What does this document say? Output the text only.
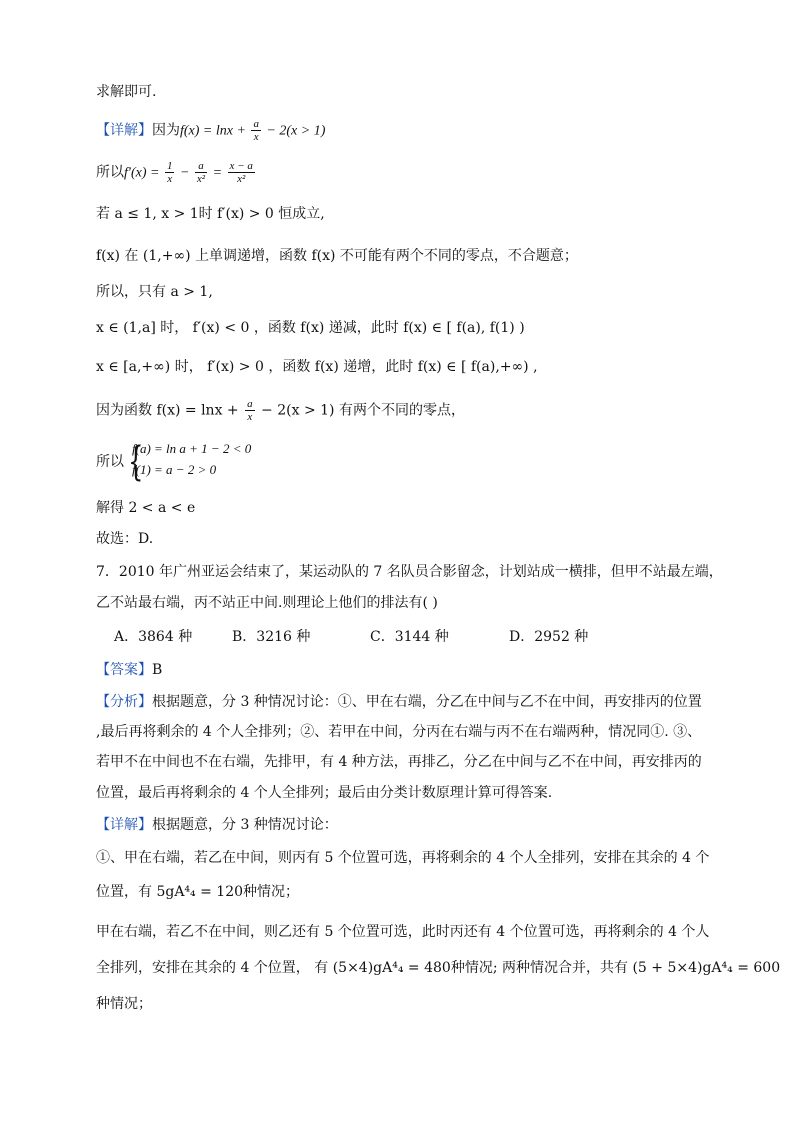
求解即可.
【详解】因为$f(x) = \ln x + \frac{a}{x} - 2(x > 1)$
所以$f'(x) = \frac{1}{x} - \frac{a}{\text{x²}} = \frac{x - a}{\text{x²}}$
若 a ≤ 1, x > 1时 f′(x) > 0 恒成立,
f(x) 在 (1,+∞) 上单调递增，函数 f(x) 不可能有两个不同的零点，不合题意；
所以，只有 a > 1,
x ∈ (1,a] 时， f′(x) < 0 ，函数 f(x) 递减，此时 f(x) ∈ [ f(a), f(1) )
x ∈ [a,+∞) 时， f′(x) > 0 ，函数 f(x) 递增，此时 f(x) ∈ [ f(a),+∞) ,
因为函数 $f(x) = \ln x + \frac{a}{x} - 2(x > 1)$ 有两个不同的零点，
所以 {
f(a) = ln a + 1 − 2 < 0
f(1) = a − 2 > 0
解得 2 < a < e
故选：D.
7．2010 年广州亚运会结束了，某运动队的 7 名队员合影留念，计划站成一横排，但甲不站最左端，
乙不站最右端，丙不站正中间.则理论上他们的排法有( )
A．3864 种	B．3216 种	C．3144 种	D．2952 种
【答案】B
【分析】根据题意，分 3 种情况讨论：①、甲在右端，分乙在中间与乙不在中间，再安排丙的位置
,最后再将剩余的 4 个人全排列；②、若甲在中间，分丙在右端与丙不在右端两种，情况同①. ③、
若甲不在中间也不在右端，先排甲，有 4 种方法，再排乙，分乙在中间与乙不在中间，再安排丙的
位置，最后再将剩余的 4 个人全排列；最后由分类计数原理计算可得答案.
【详解】根据题意，分 3 种情况讨论：
①、甲在右端，若乙在中间，则丙有 5 个位置可选，再将剩余的 4 个人全排列，安排在其余的 4 个
位置，有 5gA⁴₄ = 120种情况；
甲在右端，若乙不在中间，则乙还有 5 个位置可选，此时丙还有 4 个位置可选，再将剩余的 4 个人
全排列，安排在其余的 4 个位置， 有 (5×4)gA⁴₄ = 480种情况; 两种情况合并，共有 (5 + 5×4)gA⁴₄ = 600
种情况；
